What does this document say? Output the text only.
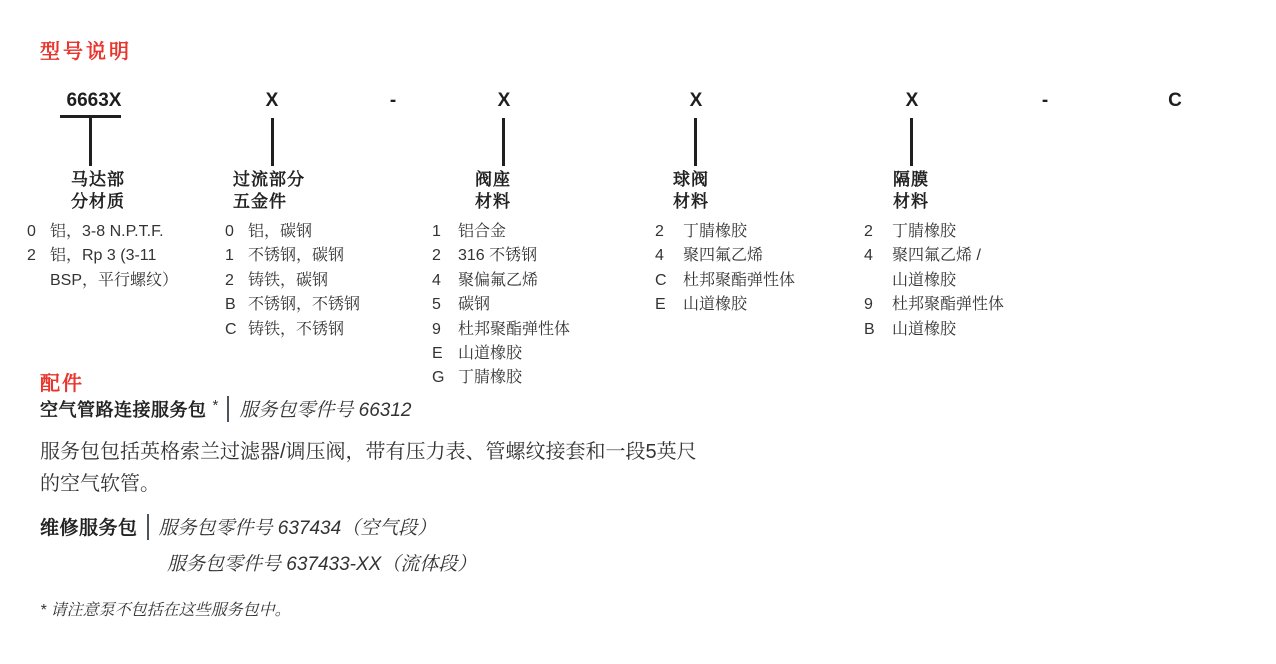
型号说明
6663X	X	-	X	X	X	-	C
马达部
分材质
0 铝，3-8 N.P.T.F.
2 铝，Rp 3 (3-11
BSP，平行螺纹）
过流部分
五金件
0 铝，碳钢
1 不锈钢，碳钢
2 铸铁，碳钢
B 不锈钢，不锈钢
C 铸铁，不锈钢
阀座
材料
1	铝合金
2	316 不锈钢
4	聚偏氟乙烯
5	碳钢
9	杜邦聚酯弹性体
E 山道橡胶
G 丁腈橡胶
球阀
材料
2	丁腈橡胶
4	聚四氟乙烯
C	杜邦聚酯弹性体
E	山道橡胶
隔膜
材料
2	丁腈橡胶
4	聚四氟乙烯 /
山道橡胶
9	杜邦聚酯弹性体
B	山道橡胶
配件
空气管路连接服务包 * 服务包零件号 66312
服务包包括英格索兰过滤器/调压阀，带有压力表、管螺纹接套和一段5英尺
的空气软管。
维修服务包 服务包零件号 637434（空气段）
服务包零件号 637433-XX（流体段）
* 请注意泵不包括在这些服务包中。
